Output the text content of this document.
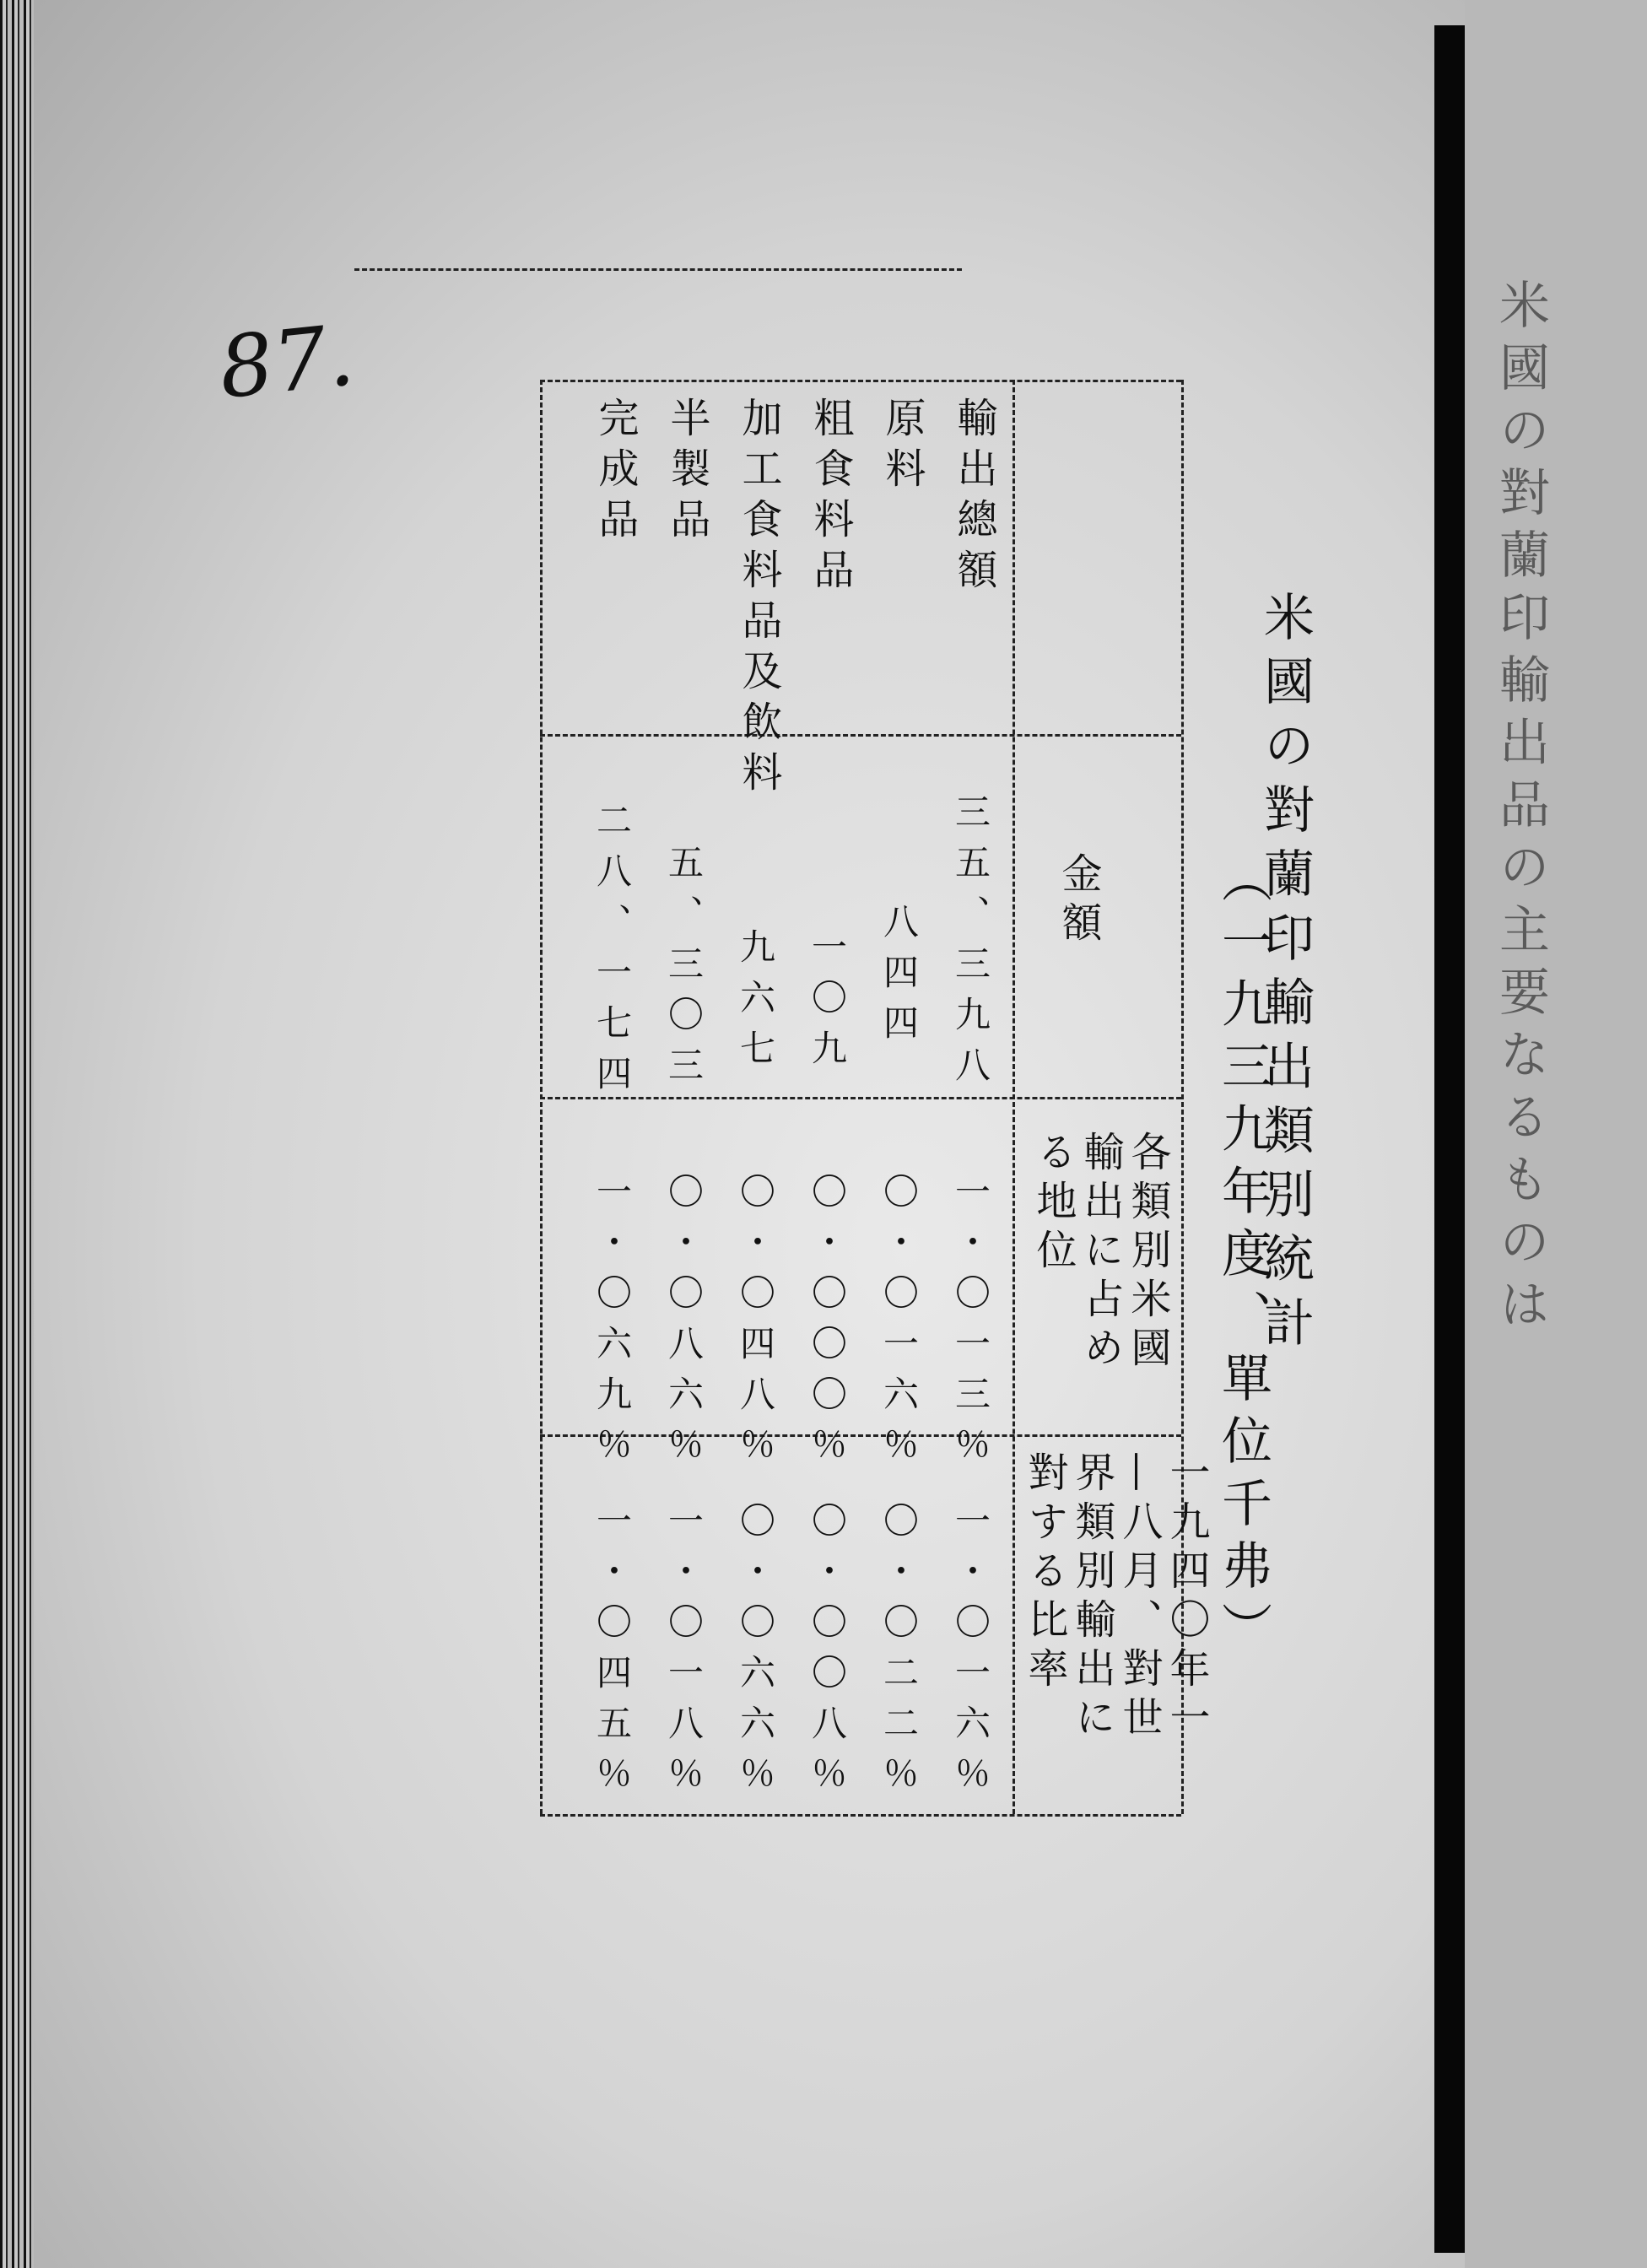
米國の對蘭印輸出品の主要なるものは
87.
米國の對蘭印輸出類別統計
（一九三九年度、單位千弗）
金額
各類別米國輸出に占める地位
一九四〇年一—八月、對世界類別輸出に對する比率
輸出總額
原料
粗食料品
加工食料品及飲料
半製品
完成品
三五、三九八
八四四
一〇九
九六七
五、三〇三
二八、一七四
一・〇一三％
〇・〇一六％
〇・〇〇〇％
〇・〇四八％
〇・〇八六％
一・〇六九％
一・〇一六％
〇・〇二二％
〇・〇〇八％
〇・〇六六％
一・〇一八％
一・〇四五％
